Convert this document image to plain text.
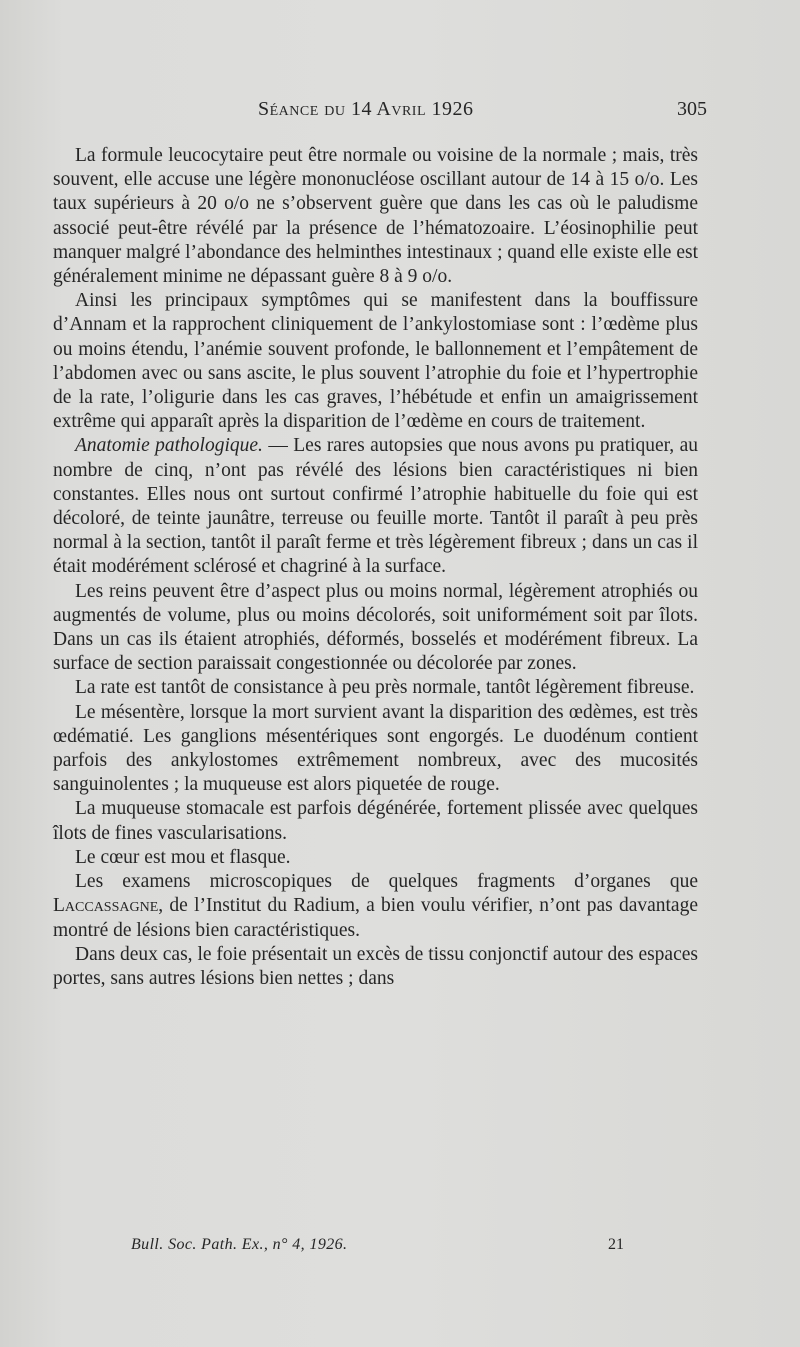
Séance du 14 Avril 1926	305

La formule leucocytaire peut être normale ou voisine de la normale ; mais, très souvent, elle accuse une légère mononucléose oscillant autour de 14 à 15 o/o. Les taux supérieurs à 20 o/o ne s’observent guère que dans les cas où le paludisme associé peut-être révélé par la présence de l’hématozoaire. L’éosinophilie peut manquer malgré l’abondance des helminthes intestinaux ; quand elle existe elle est généralement minime ne dépassant guère 8 à 9 o/o.

Ainsi les principaux symptômes qui se manifestent dans la bouffissure d’Annam et la rapprochent cliniquement de l’ankylostomiase sont : l’œdème plus ou moins étendu, l’anémie souvent profonde, le ballonnement et l’empâtement de l’abdomen avec ou sans ascite, le plus souvent l’atrophie du foie et l’hypertrophie de la rate, l’oligurie dans les cas graves, l’hébétude et enfin un amaigrissement extrême qui apparaît après la disparition de l’œdème en cours de traitement.

Anatomie pathologique. — Les rares autopsies que nous avons pu pratiquer, au nombre de cinq, n’ont pas révélé des lésions bien caractéristiques ni bien constantes. Elles nous ont surtout confirmé l’atrophie habituelle du foie qui est décoloré, de teinte jaunâtre, terreuse ou feuille morte. Tantôt il paraît à peu près normal à la section, tantôt il paraît ferme et très légèrement fibreux ; dans un cas il était modérément sclérosé et chagriné à la surface.

Les reins peuvent être d’aspect plus ou moins normal, légèrement atrophiés ou augmentés de volume, plus ou moins décolorés, soit uniformément soit par îlots. Dans un cas ils étaient atrophiés, déformés, bosselés et modérément fibreux. La surface de section paraissait congestionnée ou décolorée par zones.

La rate est tantôt de consistance à peu près normale, tantôt légèrement fibreuse.

Le mésentère, lorsque la mort survient avant la disparition des œdèmes, est très œdématié. Les ganglions mésentériques sont engorgés. Le duodénum contient parfois des ankylostomes extrêmement nombreux, avec des mucosités sanguinolentes ; la muqueuse est alors piquetée de rouge.

La muqueuse stomacale est parfois dégénérée, fortement plissée avec quelques îlots de fines vascularisations.

Le cœur est mou et flasque.

Les examens microscopiques de quelques fragments d’organes que Laccassagne, de l’Institut du Radium, a bien voulu vérifier, n’ont pas davantage montré de lésions bien caractéristiques.

Dans deux cas, le foie présentait un excès de tissu conjonctif autour des espaces portes, sans autres lésions bien nettes ; dans

Bull. Soc. Path. Ex., n° 4, 1926.	21
